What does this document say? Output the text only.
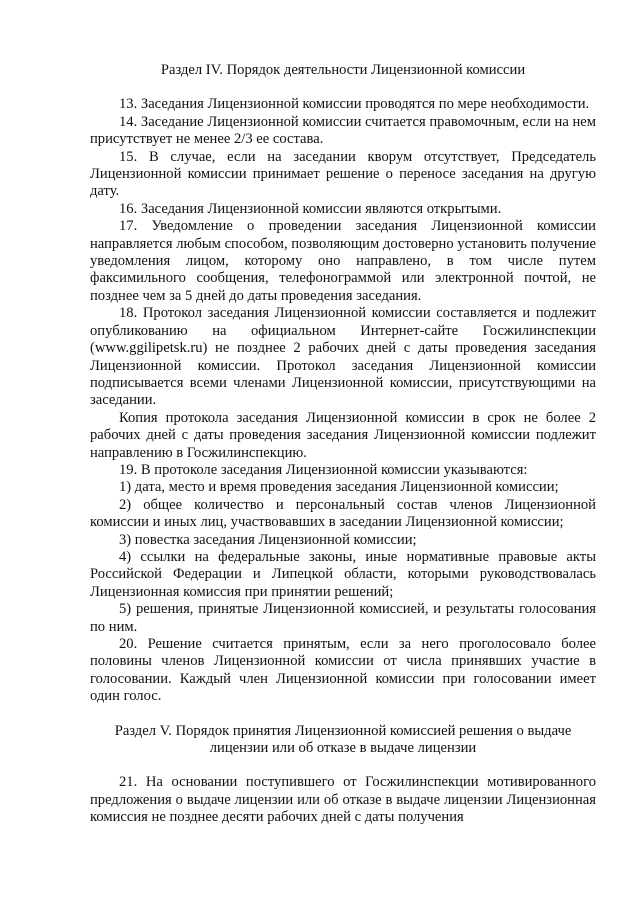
Раздел IV. Порядок деятельности Лицензионной комиссии

13. Заседания Лицензионной комиссии проводятся по мере необходимости.

14. Заседание Лицензионной комиссии считается правомочным, если на нем присутствует не менее 2/3 ее состава.

15. В случае, если на заседании кворум отсутствует, Председатель Лицензионной комиссии принимает решение о переносе заседания на другую дату.

16. Заседания Лицензионной комиссии являются открытыми.

17. Уведомление о проведении заседания Лицензионной комиссии направляется любым способом, позволяющим достоверно установить получение уведомления лицом, которому оно направлено, в том числе путем факсимильного сообщения, телефонограммой или электронной почтой, не позднее чем за 5 дней до даты проведения заседания.

18. Протокол заседания Лицензионной комиссии составляется и подлежит опубликованию на официальном Интернет-сайте Госжилинспекции (www.ggilipetsk.ru) не позднее 2 рабочих дней с даты проведения заседания Лицензионной комиссии. Протокол заседания Лицензионной комиссии подписывается всеми членами Лицензионной комиссии, присутствующими на заседании.

Копия протокола заседания Лицензионной комиссии в срок не более 2 рабочих дней с даты проведения заседания Лицензионной комиссии подлежит направлению в Госжилинспекцию.

19. В протоколе заседания Лицензионной комиссии указываются:

1) дата, место и время проведения заседания Лицензионной комиссии;

2) общее количество и персональный состав членов Лицензионной комиссии и иных лиц, участвовавших в заседании Лицензионной комиссии;

3) повестка заседания Лицензионной комиссии;

4) ссылки на федеральные законы, иные нормативные правовые акты Российской Федерации и Липецкой области, которыми руководствовалась Лицензионная комиссия при принятии решений;

5) решения, принятые Лицензионной комиссией, и результаты голосования по ним.

20. Решение считается принятым, если за него проголосовало более половины членов Лицензионной комиссии от числа принявших участие в голосовании. Каждый член Лицензионной комиссии при голосовании имеет один голос.

Раздел V. Порядок принятия Лицензионной комиссией решения о выдаче
лицензии или об отказе в выдаче лицензии

21. На основании поступившего от Госжилинспекции мотивированного предложения о выдаче лицензии или об отказе в выдаче лицензии Лицензионная комиссия не позднее десяти рабочих дней с даты получения
